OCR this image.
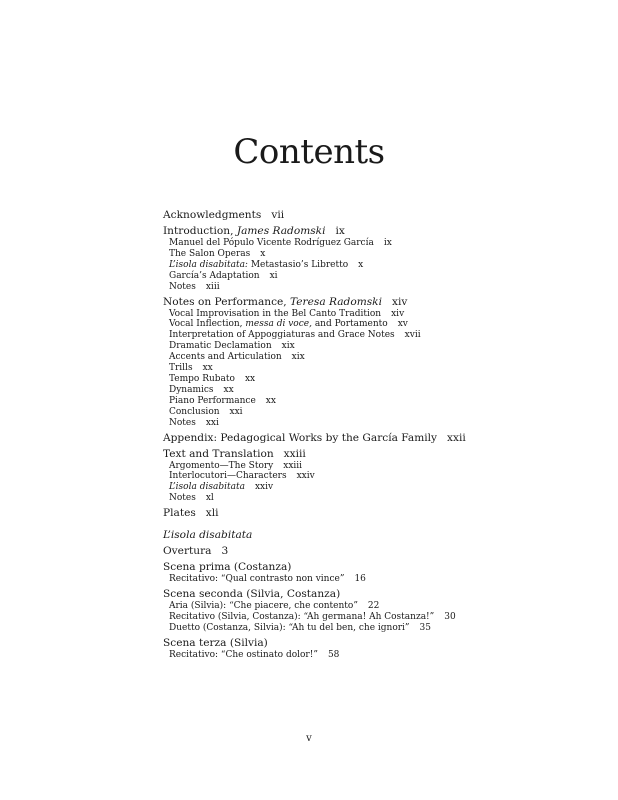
Contents
Acknowledgments vii
Introduction, James Radomski ix
Manuel del Pópulo Vicente Rodríguez García ix
The Salon Operas x
L’isola disabitata: Metastasio’s Libretto x
García’s Adaptation xi
Notes xiii
Notes on Performance, Teresa Radomski xiv
Vocal Improvisation in the Bel Canto Tradition xiv
Vocal Inflection, messa di voce, and Portamento xv
Interpretation of Appoggiaturas and Grace Notes xvii
Dramatic Declamation xix
Accents and Articulation xix
Trills xx
Tempo Rubato xx
Dynamics xx
Piano Performance xx
Conclusion xxi
Notes xxi
Appendix: Pedagogical Works by the García Family xxii
Text and Translation xxiii
Argomento—The Story xxiii
Interlocutori—Characters xxiv
L’isola disabitata xxiv
Notes xl
Plates xli
L’isola disabitata
Overtura 3
Scena prima (Costanza)
Recitativo: “Qual contrasto non vince” 16
Scena seconda (Silvia, Costanza)
Aria (Silvia): “Che piacere, che contento” 22
Recitativo (Silvia, Costanza): “Ah germana! Ah Costanza!” 30
Duetto (Costanza, Silvia): “Ah tu del ben, che ignori” 35
Scena terza (Silvia)
Recitativo: “Che ostinato dolor!” 58
v
